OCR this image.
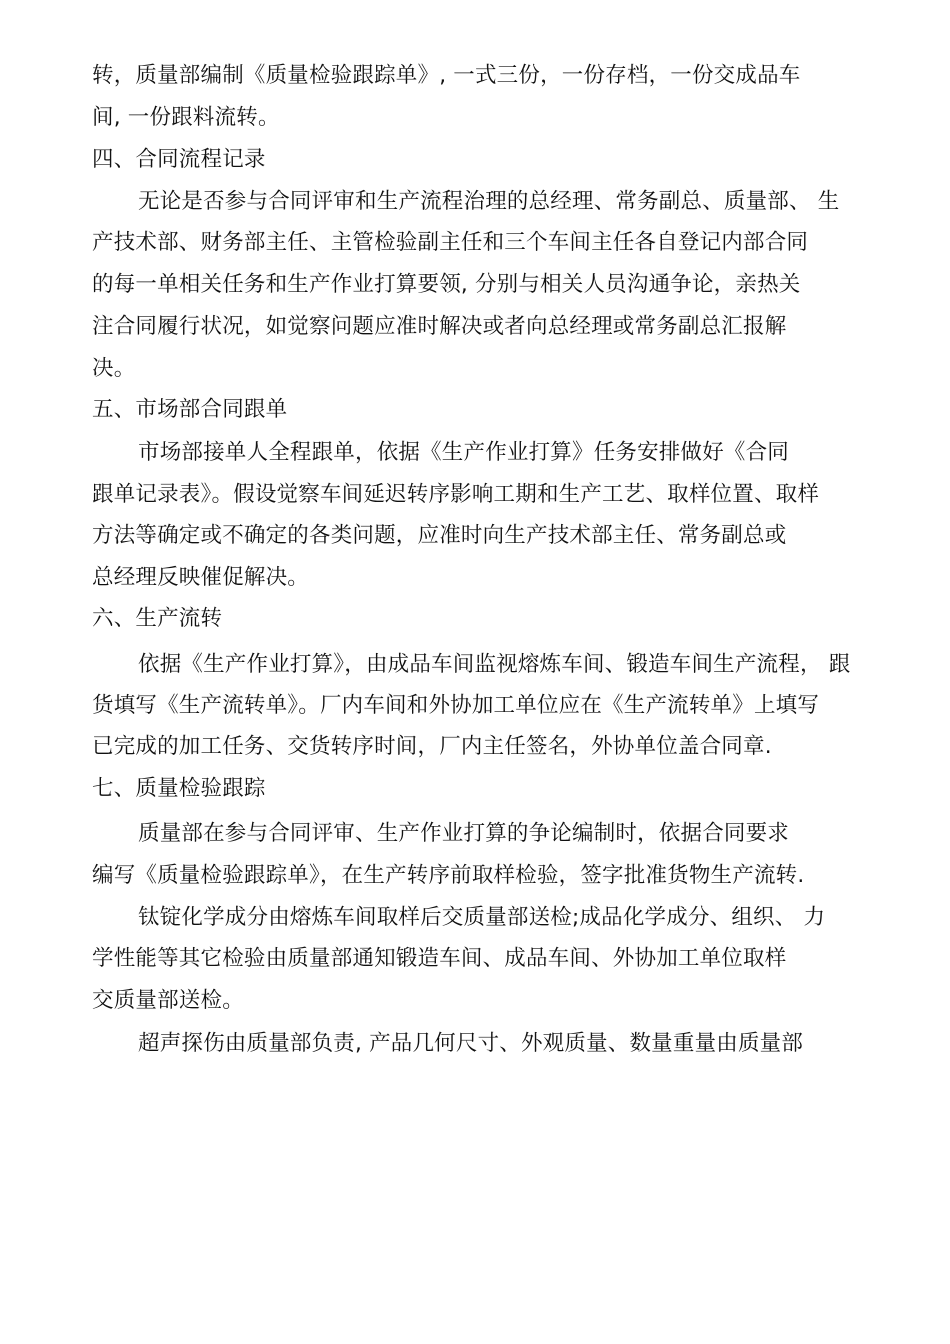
转，质量部编制《质量检验跟踪单》, 一式三份，一份存档，一份交成品车
间, 一份跟料流转。
四、合同流程记录
无论是否参与合同评审和生产流程治理的总经理、常务副总、质量部、 生
产技术部、财务部主任、主管检验副主任和三个车间主任各自登记内部合同
的每一单相关任务和生产作业打算要领, 分别与相关人员沟通争论，亲热关
注合同履行状况，如觉察问题应准时解决或者向总经理或常务副总汇报解
决。
五、市场部合同跟单
市场部接单人全程跟单，依据《生产作业打算》任务安排做好《合同
跟单记录表》。假设觉察车间延迟转序影响工期和生产工艺、取样位置、取样
方法等确定或不确定的各类问题，应准时向生产技术部主任、常务副总或
总经理反映催促解决。
六、生产流转
依据《生产作业打算》，由成品车间监视熔炼车间、锻造车间生产流程， 跟
货填写《生产流转单》。厂内车间和外协加工单位应在《生产流转单》上填写
已完成的加工任务、交货转序时间，厂内主任签名，外协单位盖合同章.
七、质量检验跟踪
质量部在参与合同评审、生产作业打算的争论编制时，依据合同要求
编写《质量检验跟踪单》，在生产转序前取样检验，签字批准货物生产流转.
钛锭化学成分由熔炼车间取样后交质量部送检;成品化学成分、组织、 力
学性能等其它检验由质量部通知锻造车间、成品车间、外协加工单位取样
交质量部送检。
超声探伤由质量部负责, 产品几何尺寸、外观质量、数量重量由质量部
